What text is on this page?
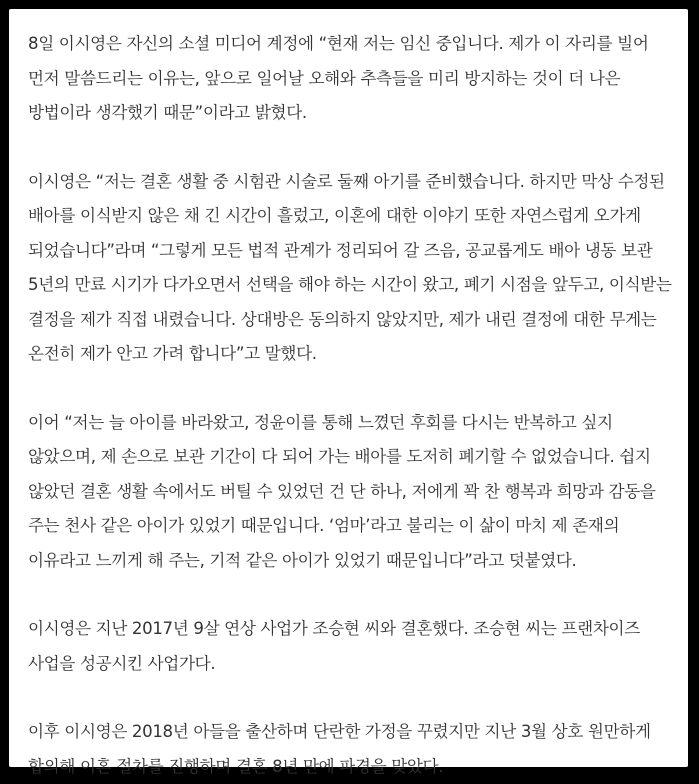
8일 이시영은 자신의 소셜 미디어 계정에 “현재 저는 임신 중입니다. 제가 이 자리를 빌어 먼저 말씀드리는 이유는, 앞으로 일어날 오해와 추측들을 미리 방지하는 것이 더 나은 방법이라 생각했기 때문”이라고 밝혔다.

이시영은 “저는 결혼 생활 중 시험관 시술로 둘째 아기를 준비했습니다. 하지만 막상 수정된 배아를 이식받지 않은 채 긴 시간이 흘렀고, 이혼에 대한 이야기 또한 자연스럽게 오가게 되었습니다”라며 “그렇게 모든 법적 관계가 정리되어 갈 즈음, 공교롭게도 배아 냉동 보관 5년의 만료 시기가 다가오면서 선택을 해야 하는 시간이 왔고, 폐기 시점을 앞두고, 이식받는 결정을 제가 직접 내렸습니다. 상대방은 동의하지 않았지만, 제가 내린 결정에 대한 무게는 온전히 제가 안고 가려 합니다”고 말했다.

이어 “저는 늘 아이를 바라왔고, 정윤이를 통해 느꼈던 후회를 다시는 반복하고 싶지 않았으며, 제 손으로 보관 기간이 다 되어 가는 배아를 도저히 폐기할 수 없었습니다. 쉽지 않았던 결혼 생활 속에서도 버틸 수 있었던 건 단 하나, 저에게 꽉 찬 행복과 희망과 감동을 주는 천사 같은 아이가 있었기 때문입니다. ‘엄마’라고 불리는 이 삶이 마치 제 존재의 이유라고 느끼게 해 주는, 기적 같은 아이가 있었기 때문입니다”라고 덧붙였다.

이시영은 지난 2017년 9살 연상 사업가 조승현 씨와 결혼했다. 조승현 씨는 프랜차이즈 사업을 성공시킨 사업가다.

이후 이시영은 2018년 아들을 출산하며 단란한 가정을 꾸렸지만 지난 3월 상호 원만하게 합의해 이혼 절차를 진행하며 결혼 8년 만에 파경을 맞았다.
